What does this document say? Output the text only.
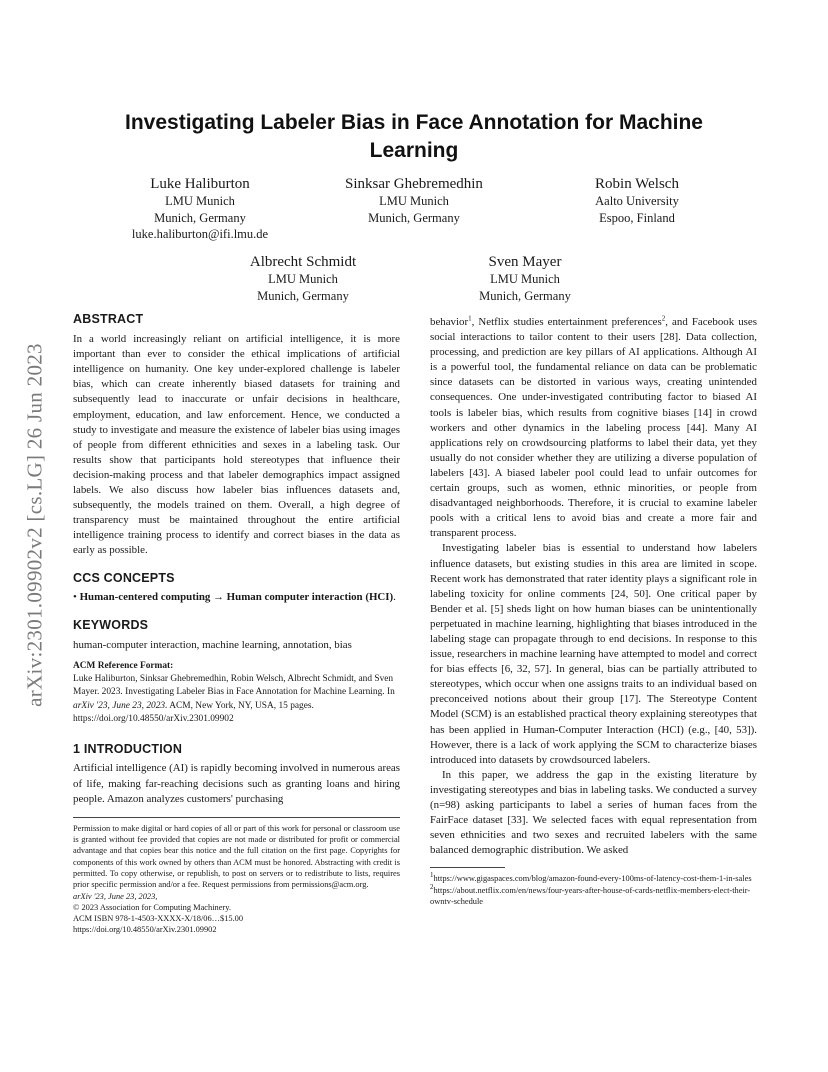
arXiv:2301.09902v2 [cs.LG] 26 Jun 2023
Investigating Labeler Bias in Face Annotation for Machine Learning
Luke Haliburton
LMU Munich
Munich, Germany
luke.haliburton@ifi.lmu.de
Sinksar Ghebremedhin
LMU Munich
Munich, Germany
Robin Welsch
Aalto University
Espoo, Finland
Albrecht Schmidt
LMU Munich
Munich, Germany
Sven Mayer
LMU Munich
Munich, Germany
ABSTRACT

In a world increasingly reliant on artificial intelligence, it is more important than ever to consider the ethical implications of artificial intelligence on humanity. One key under-explored challenge is labeler bias, which can create inherently biased datasets for training and subsequently lead to inaccurate or unfair decisions in healthcare, employment, education, and law enforcement. Hence, we conducted a study to investigate and measure the existence of labeler bias using images of people from different ethnicities and sexes in a labeling task. Our results show that participants hold stereotypes that influence their decision-making process and that labeler demographics impact assigned labels. We also discuss how labeler bias influences datasets and, subsequently, the models trained on them. Overall, a high degree of transparency must be maintained throughout the entire artificial intelligence training process to identify and correct biases in the data as early as possible.

CCS CONCEPTS

• Human-centered computing → Human computer interaction (HCI).

KEYWORDS

human-computer interaction, machine learning, annotation, bias

ACM Reference Format:
Luke Haliburton, Sinksar Ghebremedhin, Robin Welsch, Albrecht Schmidt, and Sven Mayer. 2023. Investigating Labeler Bias in Face Annotation for Machine Learning. In arXiv '23, June 23, 2023. ACM, New York, NY, USA, 15 pages. https://doi.org/10.48550/arXiv.2301.09902
1 INTRODUCTION

Artificial intelligence (AI) is rapidly becoming involved in numerous areas of life, making far-reaching decisions such as granting loans and hiring people. Amazon analyzes customers' purchasing

Permission to make digital or hard copies of all or part of this work for personal or classroom use is granted without fee provided that copies are not made or distributed for profit or commercial advantage and that copies bear this notice and the full citation on the first page. Copyrights for components of this work owned by others than ACM must be honored. Abstracting with credit is permitted. To copy otherwise, or republish, to post on servers or to redistribute to lists, requires prior specific permission and/or a fee. Request permissions from permissions@acm.org.
arXiv '23, June 23, 2023,
© 2023 Association for Computing Machinery.
ACM ISBN 978-1-4503-XXXX-X/18/06…$15.00
https://doi.org/10.48550/arXiv.2301.09902

behavior$^1$, Netflix studies entertainment preferences$^2$, and Facebook uses social interactions to tailor content to their users [28]. Data collection, processing, and prediction are key pillars of AI applications. Although AI is a powerful tool, the fundamental reliance on data can be problematic since datasets can be distorted in various ways, creating unintended consequences. One under-investigated contributing factor to biased AI tools is labeler bias, which results from cognitive biases [14] in crowd workers and other dynamics in the labeling process [44]. Many AI applications rely on crowdsourcing platforms to label their data, yet they usually do not consider whether they are utilizing a diverse population of labelers [43]. A biased labeler pool could lead to unfair outcomes for certain groups, such as women, ethnic minorities, or people from disadvantaged neighborhoods. Therefore, it is crucial to examine labeler pools with a critical lens to avoid bias and create a more fair and transparent process.

Investigating labeler bias is essential to understand how labelers influence datasets, but existing studies in this area are limited in scope. Recent work has demonstrated that rater identity plays a significant role in labeling toxicity for online comments [24, 50]. One critical paper by Bender et al. [5] sheds light on how human biases can be unintentionally perpetuated in machine learning, highlighting that biases introduced in the labeling stage can propagate through to end decisions. In response to this issue, researchers in machine learning have attempted to model and correct for bias effects [6, 32, 57]. In general, bias can be partially attributed to stereotypes, which occur when one assigns traits to an individual based on preconceived notions about their group [17]. The Stereotype Content Model (SCM) is an established practical theory explaining stereotypes that has been applied in Human-Computer Interaction (HCI) (e.g., [40, 53]). However, there is a lack of work applying the SCM to characterize biases introduced into datasets by crowdsourced labelers.

In this paper, we address the gap in the existing literature by investigating stereotypes and bias in labeling tasks. We conducted a survey (n=98) asking participants to label a series of human faces from the FairFace dataset [33]. We selected faces with equal representation from seven ethnicities and two sexes and recruited labelers with the same balanced demographic distribution. We asked

$^1$https://www.gigaspaces.com/blog/amazon-found-every-100ms-of-latency-cost-them-1-in-sales
$^2$https://about.netflix.com/en/news/four-years-after-house-of-cards-netflix-members-elect-their-owntv-schedule
